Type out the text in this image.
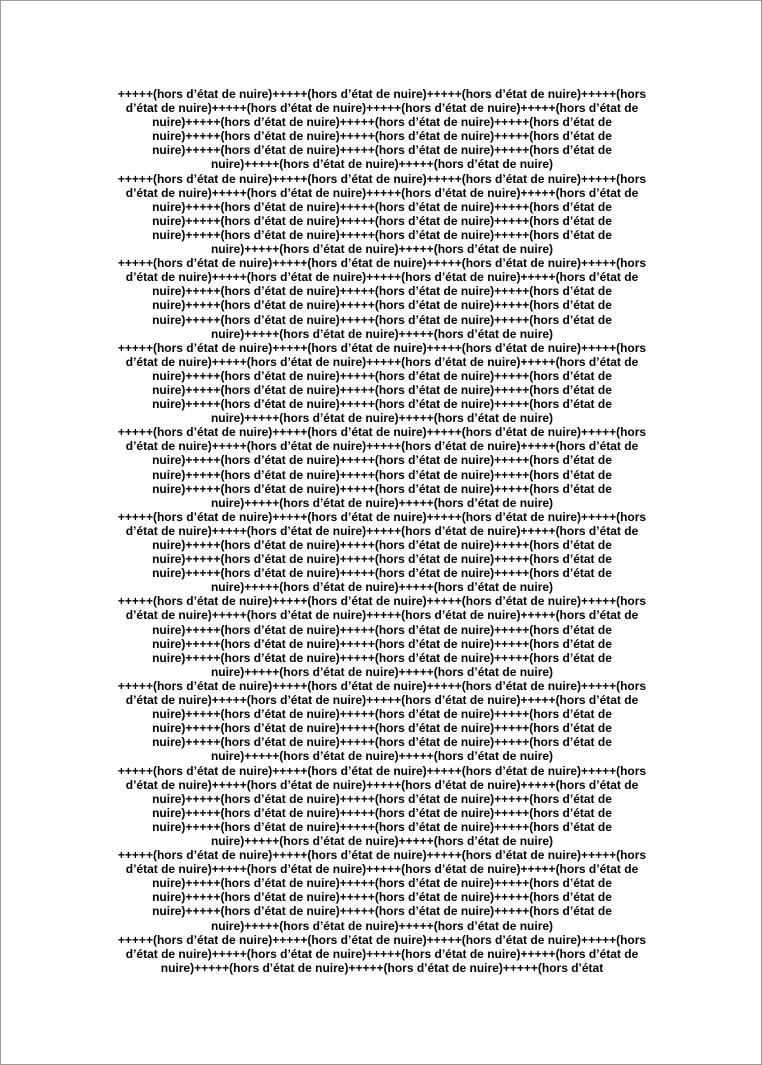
+++++(hors d’état de nuire)+++++(hors d’état de nuire)+++++(hors d’état de nuire)+++++(hors
d’état de nuire)+++++(hors d’état de nuire)+++++(hors d’état de nuire)+++++(hors d’état de
nuire)+++++(hors d’état de nuire)+++++(hors d’état de nuire)+++++(hors d’état de
nuire)+++++(hors d’état de nuire)+++++(hors d’état de nuire)+++++(hors d’état de
nuire)+++++(hors d’état de nuire)+++++(hors d’état de nuire)+++++(hors d’état de
nuire)+++++(hors d’état de nuire)+++++(hors d’état de nuire)
+++++(hors d’état de nuire)+++++(hors d’état de nuire)+++++(hors d’état de nuire)+++++(hors
d’état de nuire)+++++(hors d’état de nuire)+++++(hors d’état de nuire)+++++(hors d’état de
nuire)+++++(hors d’état de nuire)+++++(hors d’état de nuire)+++++(hors d’état de
nuire)+++++(hors d’état de nuire)+++++(hors d’état de nuire)+++++(hors d’état de
nuire)+++++(hors d’état de nuire)+++++(hors d’état de nuire)+++++(hors d’état de
nuire)+++++(hors d’état de nuire)+++++(hors d’état de nuire)
+++++(hors d’état de nuire)+++++(hors d’état de nuire)+++++(hors d’état de nuire)+++++(hors
d’état de nuire)+++++(hors d’état de nuire)+++++(hors d’état de nuire)+++++(hors d’état de
nuire)+++++(hors d’état de nuire)+++++(hors d’état de nuire)+++++(hors d’état de
nuire)+++++(hors d’état de nuire)+++++(hors d’état de nuire)+++++(hors d’état de
nuire)+++++(hors d’état de nuire)+++++(hors d’état de nuire)+++++(hors d’état de
nuire)+++++(hors d’état de nuire)+++++(hors d’état de nuire)
+++++(hors d’état de nuire)+++++(hors d’état de nuire)+++++(hors d’état de nuire)+++++(hors
d’état de nuire)+++++(hors d’état de nuire)+++++(hors d’état de nuire)+++++(hors d’état de
nuire)+++++(hors d’état de nuire)+++++(hors d’état de nuire)+++++(hors d’état de
nuire)+++++(hors d’état de nuire)+++++(hors d’état de nuire)+++++(hors d’état de
nuire)+++++(hors d’état de nuire)+++++(hors d’état de nuire)+++++(hors d’état de
nuire)+++++(hors d’état de nuire)+++++(hors d’état de nuire)
+++++(hors d’état de nuire)+++++(hors d’état de nuire)+++++(hors d’état de nuire)+++++(hors
d’état de nuire)+++++(hors d’état de nuire)+++++(hors d’état de nuire)+++++(hors d’état de
nuire)+++++(hors d’état de nuire)+++++(hors d’état de nuire)+++++(hors d’état de
nuire)+++++(hors d’état de nuire)+++++(hors d’état de nuire)+++++(hors d’état de
nuire)+++++(hors d’état de nuire)+++++(hors d’état de nuire)+++++(hors d’état de
nuire)+++++(hors d’état de nuire)+++++(hors d’état de nuire)
+++++(hors d’état de nuire)+++++(hors d’état de nuire)+++++(hors d’état de nuire)+++++(hors
d’état de nuire)+++++(hors d’état de nuire)+++++(hors d’état de nuire)+++++(hors d’état de
nuire)+++++(hors d’état de nuire)+++++(hors d’état de nuire)+++++(hors d’état de
nuire)+++++(hors d’état de nuire)+++++(hors d’état de nuire)+++++(hors d’état de
nuire)+++++(hors d’état de nuire)+++++(hors d’état de nuire)+++++(hors d’état de
nuire)+++++(hors d’état de nuire)+++++(hors d’état de nuire)
+++++(hors d’état de nuire)+++++(hors d’état de nuire)+++++(hors d’état de nuire)+++++(hors
d’état de nuire)+++++(hors d’état de nuire)+++++(hors d’état de nuire)+++++(hors d’état de
nuire)+++++(hors d’état de nuire)+++++(hors d’état de nuire)+++++(hors d’état de
nuire)+++++(hors d’état de nuire)+++++(hors d’état de nuire)+++++(hors d’état de
nuire)+++++(hors d’état de nuire)+++++(hors d’état de nuire)+++++(hors d’état de
nuire)+++++(hors d’état de nuire)+++++(hors d’état de nuire)
+++++(hors d’état de nuire)+++++(hors d’état de nuire)+++++(hors d’état de nuire)+++++(hors
d’état de nuire)+++++(hors d’état de nuire)+++++(hors d’état de nuire)+++++(hors d’état de
nuire)+++++(hors d’état de nuire)+++++(hors d’état de nuire)+++++(hors d’état de
nuire)+++++(hors d’état de nuire)+++++(hors d’état de nuire)+++++(hors d’état de
nuire)+++++(hors d’état de nuire)+++++(hors d’état de nuire)+++++(hors d’état de
nuire)+++++(hors d’état de nuire)+++++(hors d’état de nuire)
+++++(hors d’état de nuire)+++++(hors d’état de nuire)+++++(hors d’état de nuire)+++++(hors
d’état de nuire)+++++(hors d’état de nuire)+++++(hors d’état de nuire)+++++(hors d’état de
nuire)+++++(hors d’état de nuire)+++++(hors d’état de nuire)+++++(hors d’état de
nuire)+++++(hors d’état de nuire)+++++(hors d’état de nuire)+++++(hors d’état de
nuire)+++++(hors d’état de nuire)+++++(hors d’état de nuire)+++++(hors d’état de
nuire)+++++(hors d’état de nuire)+++++(hors d’état de nuire)
+++++(hors d’état de nuire)+++++(hors d’état de nuire)+++++(hors d’état de nuire)+++++(hors
d’état de nuire)+++++(hors d’état de nuire)+++++(hors d’état de nuire)+++++(hors d’état de
nuire)+++++(hors d’état de nuire)+++++(hors d’état de nuire)+++++(hors d’état de
nuire)+++++(hors d’état de nuire)+++++(hors d’état de nuire)+++++(hors d’état de
nuire)+++++(hors d’état de nuire)+++++(hors d’état de nuire)+++++(hors d’état de
nuire)+++++(hors d’état de nuire)+++++(hors d’état de nuire)
+++++(hors d’état de nuire)+++++(hors d’état de nuire)+++++(hors d’état de nuire)+++++(hors
d’état de nuire)+++++(hors d’état de nuire)+++++(hors d’état de nuire)+++++(hors d’état de
nuire)+++++(hors d’état de nuire)+++++(hors d’état de nuire)+++++(hors d’état
